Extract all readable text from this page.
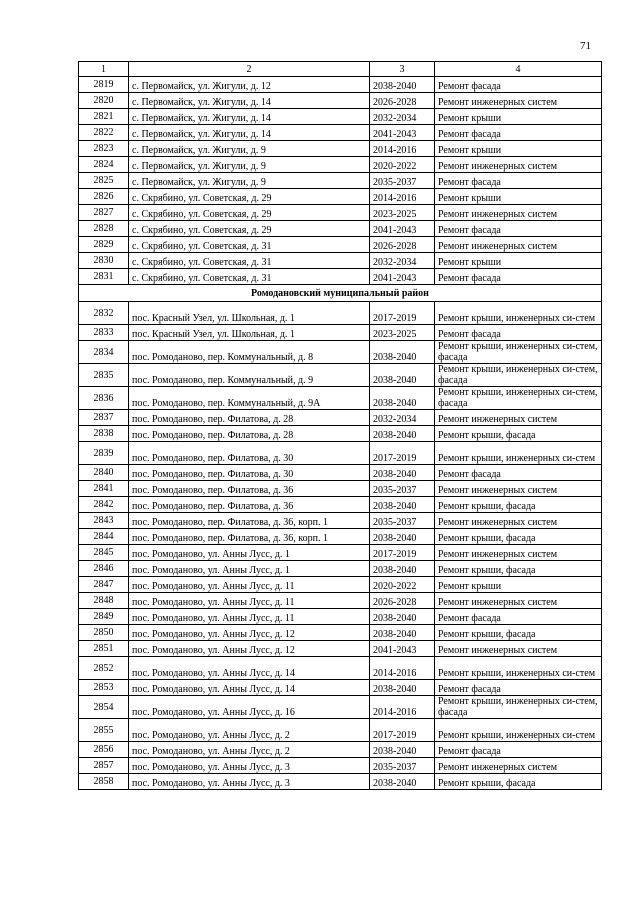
71
1	2	3	4
2819	с. Первомайск, ул. Жигули, д. 12	2038-2040	Ремонт фасада
2820	с. Первомайск, ул. Жигули, д. 14	2026-2028	Ремонт инженерных систем
2821	с. Первомайск, ул. Жигули, д. 14	2032-2034	Ремонт крыши
2822	с. Первомайск, ул. Жигули, д. 14	2041-2043	Ремонт фасада
2823	с. Первомайск, ул. Жигули, д. 9	2014-2016	Ремонт крыши
2824	с. Первомайск, ул. Жигули, д. 9	2020-2022	Ремонт инженерных систем
2825	с. Первомайск, ул. Жигули, д. 9	2035-2037	Ремонт фасада
2826	с. Скрябино, ул. Советская, д. 29	2014-2016	Ремонт крыши
2827	с. Скрябино, ул. Советская, д. 29	2023-2025	Ремонт инженерных систем
2828	с. Скрябино, ул. Советская, д. 29	2041-2043	Ремонт фасада
2829	с. Скрябино, ул. Советская, д. 31	2026-2028	Ремонт инженерных систем
2830	с. Скрябино, ул. Советская, д. 31	2032-2034	Ремонт крыши
2831	с. Скрябино, ул. Советская, д. 31	2041-2043	Ремонт фасада
Ромодановский муниципальный район			
2832	пос. Красный Узел, ул. Школьная, д. 1	2017-2019	Ремонт крыши, инженерных си-стем
2833	пос. Красный Узел, ул. Школьная, д. 1	2023-2025	Ремонт фасада
2834	пос. Ромоданово, пер. Коммунальный, д. 8	2038-2040	Ремонт крыши, инженерных си-стем, фасада
2835	пос. Ромоданово, пер. Коммунальный, д. 9	2038-2040	Ремонт крыши, инженерных си-стем, фасада
2836	пос. Ромоданово, пер. Коммунальный, д. 9А	2038-2040	Ремонт крыши, инженерных си-стем, фасада
2837	пос. Ромоданово, пер. Филатова, д. 28	2032-2034	Ремонт инженерных систем
2838	пос. Ромоданово, пер. Филатова, д. 28	2038-2040	Ремонт крыши, фасада
2839	пос. Ромоданово, пер. Филатова, д. 30	2017-2019	Ремонт крыши, инженерных си-стем
2840	пос. Ромоданово, пер. Филатова, д. 30	2038-2040	Ремонт фасада
2841	пос. Ромоданово, пер. Филатова, д. 36	2035-2037	Ремонт инженерных систем
2842	пос. Ромоданово, пер. Филатова, д. 36	2038-2040	Ремонт крыши, фасада
2843	пос. Ромоданово, пер. Филатова, д. 36, корп. 1	2035-2037	Ремонт инженерных систем
2844	пос. Ромоданово, пер. Филатова, д. 36, корп. 1	2038-2040	Ремонт крыши, фасада
2845	пос. Ромоданово, ул. Анны Лусс, д. 1	2017-2019	Ремонт инженерных систем
2846	пос. Ромоданово, ул. Анны Лусс, д. 1	2038-2040	Ремонт крыши, фасада
2847	пос. Ромоданово, ул. Анны Лусс, д. 11	2020-2022	Ремонт крыши
2848	пос. Ромоданово, ул. Анны Лусс, д. 11	2026-2028	Ремонт инженерных систем
2849	пос. Ромоданово, ул. Анны Лусс, д. 11	2038-2040	Ремонт фасада
2850	пос. Ромоданово, ул. Анны Лусс, д. 12	2038-2040	Ремонт крыши, фасада
2851	пос. Ромоданово, ул. Анны Лусс, д. 12	2041-2043	Ремонт инженерных систем
2852	пос. Ромоданово, ул. Анны Лусс, д. 14	2014-2016	Ремонт крыши, инженерных си-стем
2853	пос. Ромоданово, ул. Анны Лусс, д. 14	2038-2040	Ремонт фасада
2854	пос. Ромоданово, ул. Анны Лусс, д. 16	2014-2016	Ремонт крыши, инженерных си-стем, фасада
2855	пос. Ромоданово, ул. Анны Лусс, д. 2	2017-2019	Ремонт крыши, инженерных си-стем
2856	пос. Ромоданово, ул. Анны Лусс, д. 2	2038-2040	Ремонт фасада
2857	пос. Ромоданово, ул. Анны Лусс, д. 3	2035-2037	Ремонт инженерных систем
2858	пос. Ромоданово, ул. Анны Лусс, д. 3	2038-2040	Ремонт крыши, фасада
